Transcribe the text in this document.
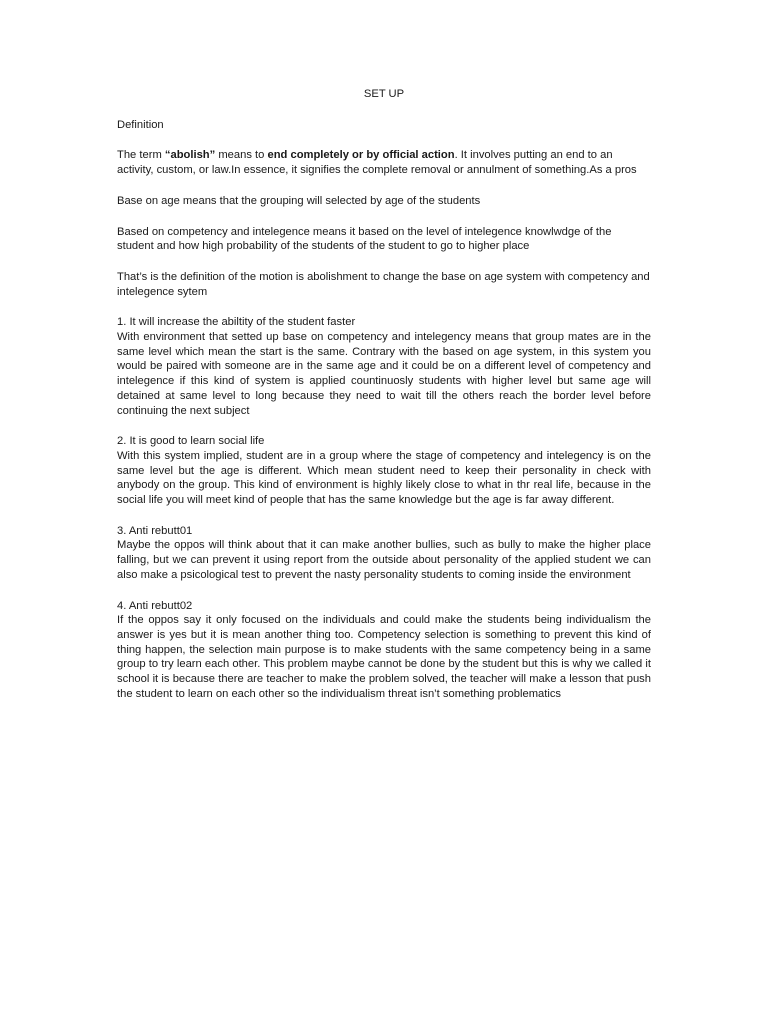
SET UP
Definition
The term “abolish” means to end completely or by official action. It involves putting an end to an activity, custom, or law.In essence, it signifies the complete removal or annulment of something.As a pros
Base on age means that the grouping will selected by age of the students
Based on competency and intelegence means it based on the level of intelegence knowlwdge of the student and how high probability of the students of the student to go to higher place
That’s is the definition of the motion is abolishment to change the base on age system with competency and intelegence sytem
1. It will increase the abiltity of the student faster
With environment that setted up base on competency and intelegency means that group mates are in the same level which mean the start is the same. Contrary with the based on age system, in this system you would be paired with someone are in the same age and it could be on a different level of competency and intelegence if this kind of system is applied countinuosly students with higher level but same age will detained at same level to long because they need to wait till the others reach the border level before continuing the next subject
2. It is good to learn social life
With this system implied, student are in a group where the stage of competency and intelegency is on the same level but the age is different. Which mean student need to keep their personality in check with anybody on the group. This kind of environment is highly likely close to what in thr real life, because in the social life you will meet kind of people that has the same knowledge but the age is far away different.
3. Anti rebutt01
Maybe the oppos will think about that it can make another bullies, such as bully to make the higher place falling, but we can prevent it using report from the outside about personality of the applied student we can also make a psicological test to prevent the nasty personality students to coming inside the environment
4. Anti rebutt02
If the oppos say it only focused on the individuals and could make the students being individualism the answer is yes but it is mean another thing too. Competency selection is something to prevent this kind of thing happen, the selection main purpose is to make students with the same competency being in a same group to try learn each other. This problem maybe cannot be done by the student but this is why we called it school it is because there are teacher to make the problem solved, the teacher will make a lesson that push the student to learn on each other so the individualism threat isn’t something problematics
